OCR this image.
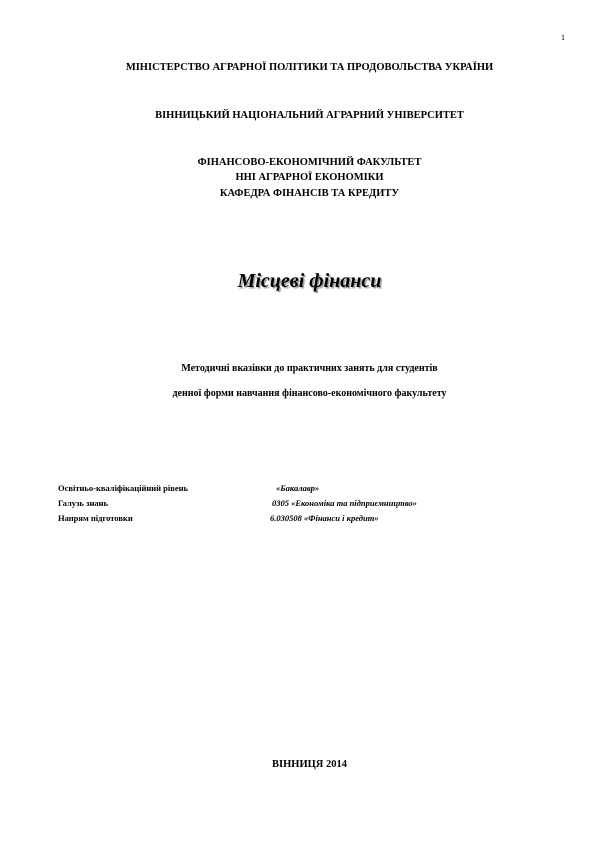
1
МІНІСТЕРСТВО АГРАРНОЇ ПОЛІТИКИ ТА ПРОДОВОЛЬСТВА УКРАЇНИ
ВІННИЦЬКИЙ НАЦІОНАЛЬНИЙ АГРАРНИЙ УНІВЕРСИТЕТ
ФІНАНСОВО-ЕКОНОМІЧНИЙ ФАКУЛЬТЕТ
ННІ АГРАРНОЇ ЕКОНОМІКИ
КАФЕДРА ФІНАНСІВ ТА КРЕДИТУ
Місцеві фінанси
Методичні вказівки до практичних занять для студентів
денної форми навчання фінансово-економічного факультету
Освітньо-кваліфікаційний рівень	«Бакалавр»
Галузь знань	0305 «Економіка та підприємництво»
Напрям підготовки	6.030508 «Фінанси і кредит»
ВІННИЦЯ 2014
